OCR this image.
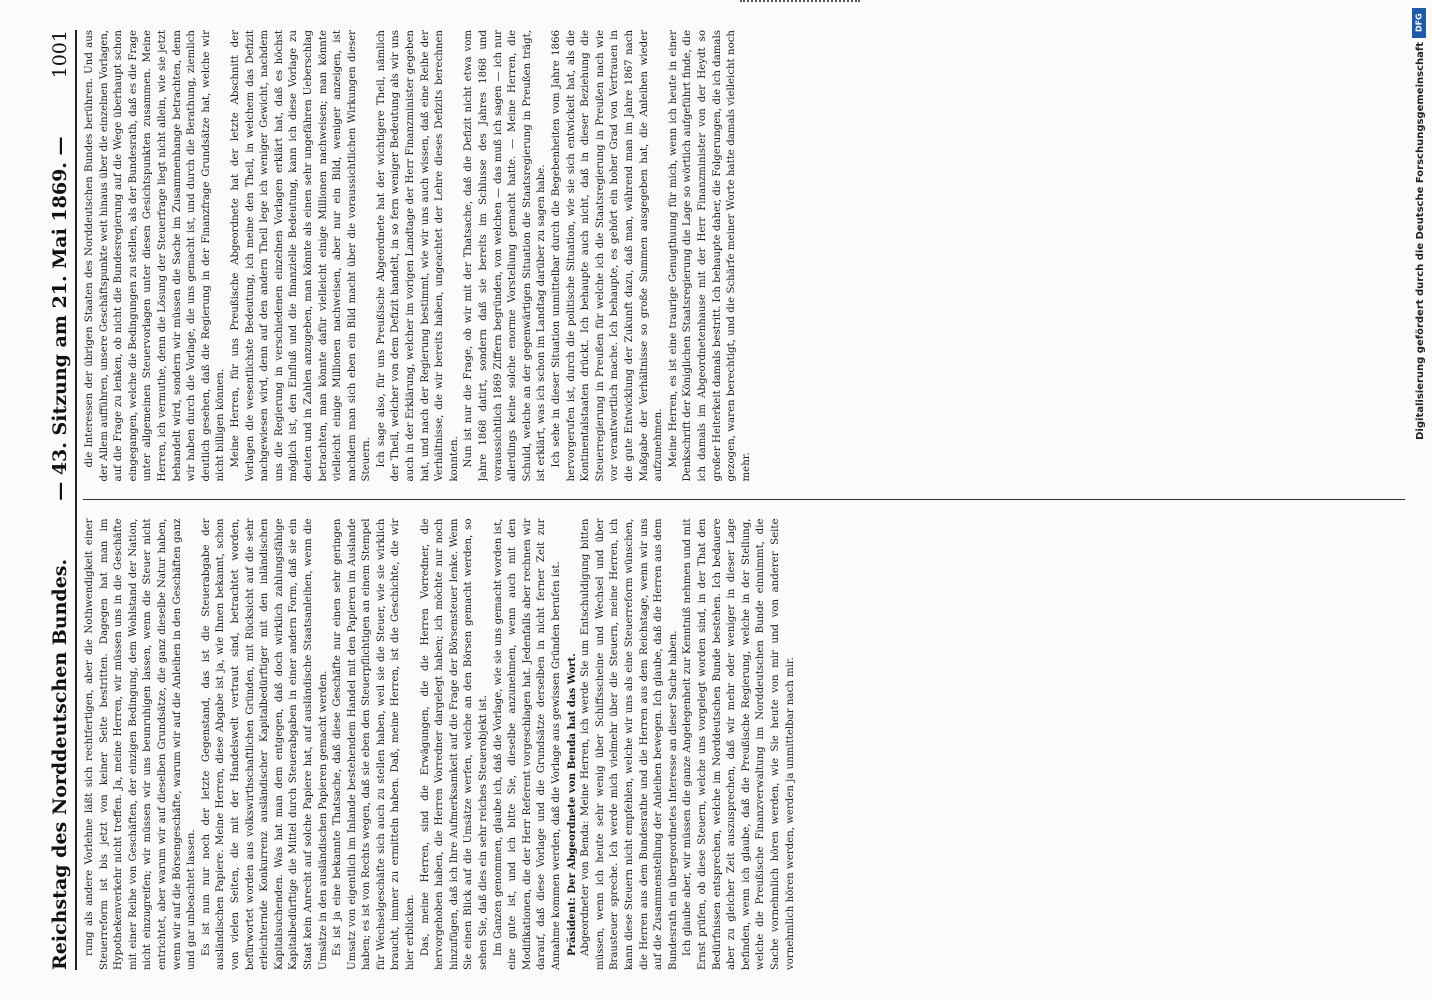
Reichstag des Norddeutschen Bundes.
— 43. Sitzung am 21. Mai 1869. —
1001

rung als andere Vorlehne läßt sich rechtfertigen, aber die Nothwendigkeit einer Steuerreform ist bis jetzt von keiner Seite bestritten. Dagegen hat man im Hypothekenverkehr nicht treffen. Ja, meine Herren, wir müssen uns in die Geschäfte mit einer Reihe von Geschäften, der einzigen Bedingung, dem Wohlstand der Nation, nicht einzugreifen; wir müssen wir uns beunruhigen lassen, wenn die Steuer nicht entrichtet, aber warum wir auf dieselben Grundsätze, die ganz dieselbe Natur haben, wenn wir auf die Börsengeschäfte, warum wir auf die Anleihen in den Geschäften ganz und gar unbeachtet lassen. Es ist nun nur noch der letzte Gegenstand, das ist die Steuerabgabe der ausländischen Papiere. Meine Herren, diese Abgabe ist ja, wie Ihnen bekannt, schon von vielen Seiten, die mit der Handelswelt vertraut sind, betrachtet worden, befürwortet worden aus volkswirthschaftlichen Gründen, mit Rücksicht auf die sehr erleichternde Konkurrenz ausländischer Kapitalbedürftiger mit den inländischen Kapitalsuchenden. Was hat man dem entgegen, daß doch wirklich zahlungsfähige Kapitalbedürftige die Mittel durch Steuerabgaben in einer andern Form, daß sie ein Staat kein Anrecht auf solche Papiere hat, auf ausländische Staatsanleihen, wenn die Umsätze in den ausländischen Papieren gemacht werden. Es ist ja eine bekannte Thatsache, daß diese Geschäfte nur einen sehr geringen Umsatz von eigentlich im Inlande bestehendem Handel mit den Papieren im Auslande haben; es ist von Rechts wegen, daß sie eben den Steuerpflichtigen an einem Stempel für Wechselgeschäfte sich auch zu stellen haben, weil sie die Steuer, wie sie wirklich braucht, immer zu ermitteln haben. Daß, meine Herren, ist die Geschichte, die wir hier erblicken. Das, meine Herren, sind die Erwägungen, die die Herren Vorredner, die hervorgehoben haben, die Herren Vorredner dargelegt haben; ich möchte nur noch hinzufügen, daß ich Ihre Aufmerksamkeit auf die Frage der Börsensteuer lenke. Wenn Sie einen Blick auf die Umsätze werfen, welche an den Börsen gemacht werden, so sehen Sie, daß dies ein sehr reiches Steuerobjekt ist. Im Ganzen genommen, glaube ich, daß die Vorlage, wie sie uns gemacht worden ist, eine gute ist, und ich bitte Sie, dieselbe anzunehmen, wenn auch mit den Modifikationen, die der Herr Referent vorgeschlagen hat. Jedenfalls aber rechnen wir darauf, daß diese Vorlage und die Grundsätze derselben in nicht ferner Zeit zur Annahme kommen werden, daß die Vorlage aus gewissen Gründen berufen ist. Präsident: Der Abgeordnete von Benda hat das Wort. Abgeordneter von Benda: Meine Herren, ich werde Sie um Entschuldigung bitten müssen, wenn ich heute sehr wenig über Schiffsscheine und Wechsel und über Brausteuer spreche. Ich werde mich vielmehr über die Steuern, meine Herren, ich kann diese Steuern nicht empfehlen, welche wir uns als eine Steuerreform wünschen, die Herren aus dem Bundesrathe und die Herren aus dem Reichstage, wenn wir uns auf die Zusammenstellung der Anleihen bewegen. Ich glaube, daß die Herren aus dem Bundesrath ein übergeordnetes Interesse an dieser Sache haben. Ich glaube aber, wir müssen die ganze Angelegenheit zur Kenntniß nehmen und mit Ernst prüfen, ob diese Steuern, welche uns vorgelegt worden sind, in der That den Bedürfnissen entsprechen, welche im Norddeutschen Bunde bestehen. Ich bedauere aber zu gleicher Zeit auszusprechen, daß wir mehr oder weniger in dieser Lage befinden, wenn ich glaube, daß die Preußische Regierung, welche in der Stellung, welche die Preußische Finanzverwaltung im Norddeutschen Bunde einnimmt, die Sache vornehmlich hören werden, wie Sie heute von mir und von anderer Seite vornehmlich hören werden, werden ja unmittelbar nach mir.

die Interessen der übrigen Staaten des Norddeutschen Bundes berühren. Und aus der Allem aufführen, unsere Geschäftspunkte weit hinaus über die einzelnen Vorlagen, auf die Frage zu lenken, ob nicht die Bundesregierung auf die Wege überhaupt schon eingegangen, welche die Bedingungen zu stellen, als der Bundesrath, daß es die Frage unter allgemeinen Steuervorlagen unter diesen Gesichtspunkten zusammen. Meine Herren, ich vermuthe, denn die Lösung der Steuerfrage liegt nicht allein, wie sie jetzt behandelt wird, sondern wir müssen die Sache im Zusammenhange betrachten, denn wir haben durch die Vorlage, die uns gemacht ist, und durch die Berathung, ziemlich deutlich gesehen, daß die Regierung in der Finanzfrage Grundsätze hat, welche wir nicht billigen können. Meine Herren, für uns Preußische Abgeordnete hat der letzte Abschnitt der Vorlagen die wesentlichste Bedeutung, ich meine den Theil, in welchem das Defizit nachgewiesen wird, denn auf den andern Theil lege ich weniger Gewicht, nachdem uns die Regierung in verschiedenen einzelnen Vorlagen erklärt hat, daß es höchst möglich ist, den Einfluß und die finanzielle Bedeutung, kann ich diese Vorlage zu deuten und in Zahlen anzugeben, man könnte als einen sehr ungefähren Ueberschlag betrachten, man könnte dafür vielleicht einige Millionen nachweisen; man könnte vielleicht einige Millionen nachweisen, aber nur ein Bild, weniger anzeigen, ist nachdem man sich eben ein Bild macht über die voraussichtlichen Wirkungen dieser Steuern. Ich sage also, für uns Preußische Abgeordnete hat der wichtigere Theil, nämlich der Theil, welcher von dem Defizit handelt, in so fern weniger Bedeutung als wir uns auch in der Erklärung, welcher im vorigen Landtage der Herr Finanzminister gegeben hat, und nach der Regierung bestimmt, wie wir uns auch wissen, daß eine Reihe der Verhältnisse, die wir bereits haben, ungeachtet der Lehre dieses Defizits berechnen konnten. Nun ist nur die Frage, ob wir mit der Thatsache, daß die Defizit nicht etwa vom Jahre 1868 datirt, sondern daß sie bereits im Schlusse des Jahres 1868 und voraussichtlich 1869 Ziffern begründen, von welchen — das muß ich sagen — ich nur allerdings keine solche enorme Vorstellung gemacht hatte. — Meine Herren, die Schuld, welche an der gegenwärtigen Situation die Staatsregierung in Preußen trägt, ist erklärt, was ich schon im Landtag darüber zu sagen habe. Ich sehe in dieser Situation unmittelbar durch die Begebenheiten vom Jahre 1866 hervorgerufen ist, durch die politische Situation, wie sie sich entwickelt hat, als die Kontinentalstaaten drückt. Ich behaupte auch nicht, daß in dieser Beziehung die Steuerregierung in Preußen für welche ich die Staatsregierung in Preußen nach wie vor verantwortlich mache. Ich behaupte, es gehört ein hoher Grad von Vertrauen in die gute Entwicklung der Zukunft dazu, daß man, während man im Jahre 1867 nach Maßgabe der Verhältnisse so große Summen ausgegeben hat, die Anleihen wieder aufzunehmen. Meine Herren, es ist eine traurige Genugthuung für mich, wenn ich heute in einer Denkschrift der Königlichen Staatsregierung die Lage so wörtlich aufgeführt finde, die ich damals im Abgeordnetenhause mit der Herr Finanzminister von der Heydt so großer Heiterkeit damals bestritt. Ich behaupte daher, die Folgerungen, die ich damals gezogen, waren berechtigt, und die Schärfe meiner Worte hatte damals vielleicht noch mehr.

DFG
Digitalisierung gefördert durch die Deutsche Forschungsgemeinschaft
